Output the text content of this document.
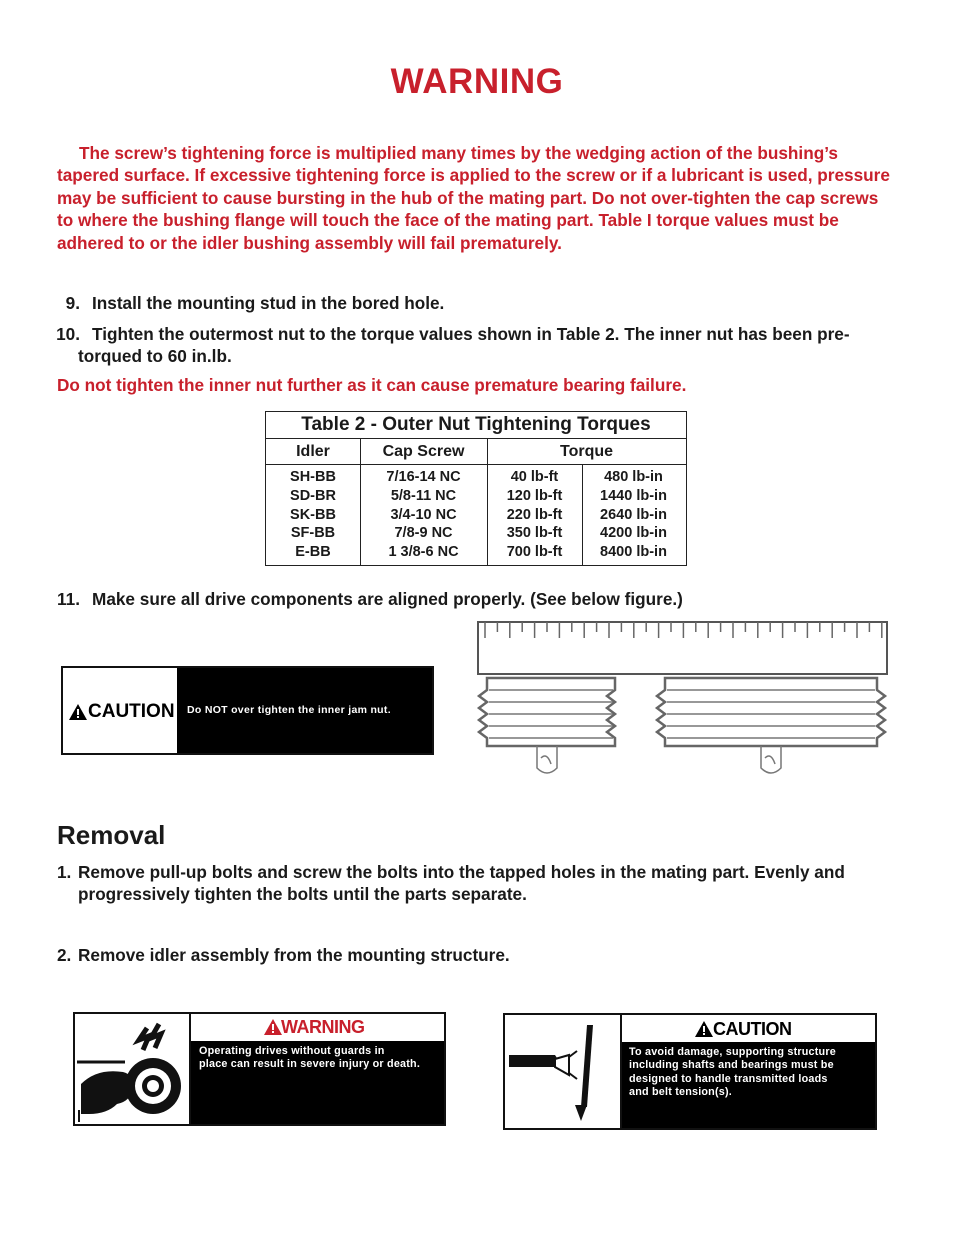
WARNING
The screw’s tightening force is multiplied many times by the wedging action of the bushing’s tapered surface. If excessive tightening force is applied to the screw or if a lubricant is used, pressure may be sufficient to cause bursting in the hub of the mating part. Do not over-tighten the cap screws to where the bushing flange will touch the face of the mating part. Table I torque values must be adhered to or the idler bushing assembly will fail prematurely.
9. Install the mounting stud in the bored hole.
10. Tighten the outermost nut to the torque values shown in Table 2. The inner nut has been pre-
torqued to 60 in.lb.
Do not tighten the inner nut further as it can cause premature bearing failure.
Table 2 - Outer Nut Tightening Torques
Idler	Cap Screw	Torque
SH-BB
SD-BR
SK-BB
SF-BB
E-BB
7/16-14 NC
5/8-11 NC
3/4-10 NC
7/8-9 NC
1 3/8-6 NC
40 lb-ft
120 lb-ft
220 lb-ft
350 lb-ft
700 lb-ft
480 lb-in
1440 lb-in
2640 lb-in
4200 lb-in
8400 lb-in
11. Make sure all drive components are aligned properly. (See below figure.)
CAUTION Do NOT over tighten the inner jam nut.
Removal
1. Remove pull-up bolts and screw the bolts into the tapped holes in the mating part. Evenly and
progressively tighten the bolts until the parts separate.
2. Remove idler assembly from the mounting structure.
WARNING
Operating drives without guards in
place can result in severe injury or death.
CAUTION
To avoid damage, supporting structure
including shafts and bearings must be
designed to handle transmitted loads
and belt tension(s).
